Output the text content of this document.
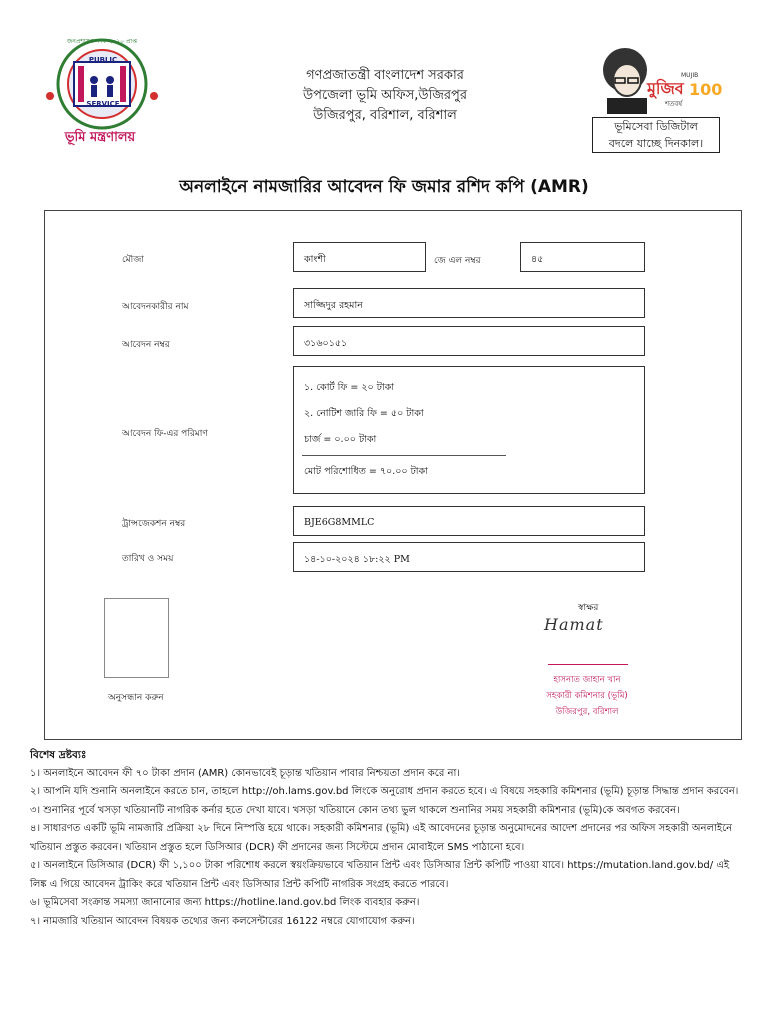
PUBLIC
SERVICE
জনপ্রশাসন পদক ২০২০ প্রাপ্ত
ভূমি মন্ত্রণালয়
গণপ্রজাতন্ত্রী বাংলাদেশ সরকার
উপজেলা ভূমি অফিস,উজিরপুর
উজিরপুর, বরিশাল, বরিশাল
মুজিব
MUJIB
শতবর্ষ
100
ভূমিসেবা ডিজিটাল
বদলে যাচ্ছে দিনকাল।
অনলাইনে নামজারির আবেদন ফি জমার রশিদ কপি (AMR)
মৌজা	কাংশী	জে এল নম্বর	৪৫
আবেদনকারীর নাম	সাজ্জিদুর রহমান
আবেদন নম্বর	৩১৬০১৫১
আবেদন ফি-এর পরিমাণ
১. কোর্ট ফি = ২০ টাকা
২. নোটিশ জারি ফি = ৫০ টাকা
চার্জ = ০.০০ টাকা
মোট পরিশোধিত = ৭০.০০ টাকা
ট্রান্সজেকশন নম্বর	BJE6G8MMLC
তারিখ ও সময়	১৪-১০-২০২৪ ১৮:২২ PM
অনুসন্ধান করুন
স্বাক্ষর
Hamat
হাসনাত জাহান খান
সহকারী কমিশনার (ভূমি)
উজিরপুর, বরিশাল
বিশেষ দ্রষ্টব্যঃ

১। অনলাইনে আবেদন ফী ৭০ টাকা প্রদান (AMR) কোনভাবেই চূড়ান্ত খতিয়ান পাবার নিশ্চয়তা প্রদান করে না।

২। আপনি যদি শুনানি অনলাইনে করতে চান, তাহলে http://oh.lams.gov.bd লিংকে অনুরোধ প্রদান করতে হবে। এ বিষয়ে সহকারি কমিশনার (ভূমি) চূড়ান্ত সিদ্ধান্ত প্রদান করবেন।

৩। শুনানির পূর্বে খসড়া খতিয়ানটি নাগরিক কর্নার হতে দেখা যাবে। খসড়া খতিয়ানে কোন তথ্য ভুল থাকলে শুনানির সময় সহকারী কমিশনার (ভূমি)কে অবগত করবেন।

৪। সাধারণত একটি ভূমি নামজারি প্রক্রিয়া ২৮ দিনে নিস্পত্তি হয়ে থাকে। সহকারী কমিশনার (ভূমি) এই আবেদনের চূড়ান্ত অনুমোদনের আদেশ প্রদানের পর অফিস সহকারী অনলাইনে খতিয়ান প্রস্তুত করবেন। খতিয়ান প্রস্তুত হলে ডিসিআর (DCR) ফী প্রদানের জন্য সিস্টেমে প্রদান মোবাইলে SMS পাঠানো হবে।

৫। অনলাইনে ডিসিআর (DCR) ফী ১,১০০ টাকা পরিশোধ করলে স্বয়ংক্রিয়ভাবে খতিয়ান প্রিন্ট এবং ডিসিআর প্রিন্ট কপিটি পাওয়া যাবে। https://mutation.land.gov.bd/ এই লিঙ্ক এ গিয়ে আবেদন ট্রাকিং করে খতিয়ান প্রিন্ট এবং ডিসিআর প্রিন্ট কপিটি নাগরিক সংগ্রহ করতে পারবে।

৬। ভূমিসেবা সংক্রান্ত সমস্যা জানানোর জন্য https://hotline.land.gov.bd লিংক ব্যবহার করুন।

৭। নামজারি খতিয়ান আবেদন বিষয়ক তথ্যের জন্য কলসেন্টারের 16122 নম্বরে যোগাযোগ করুন।
